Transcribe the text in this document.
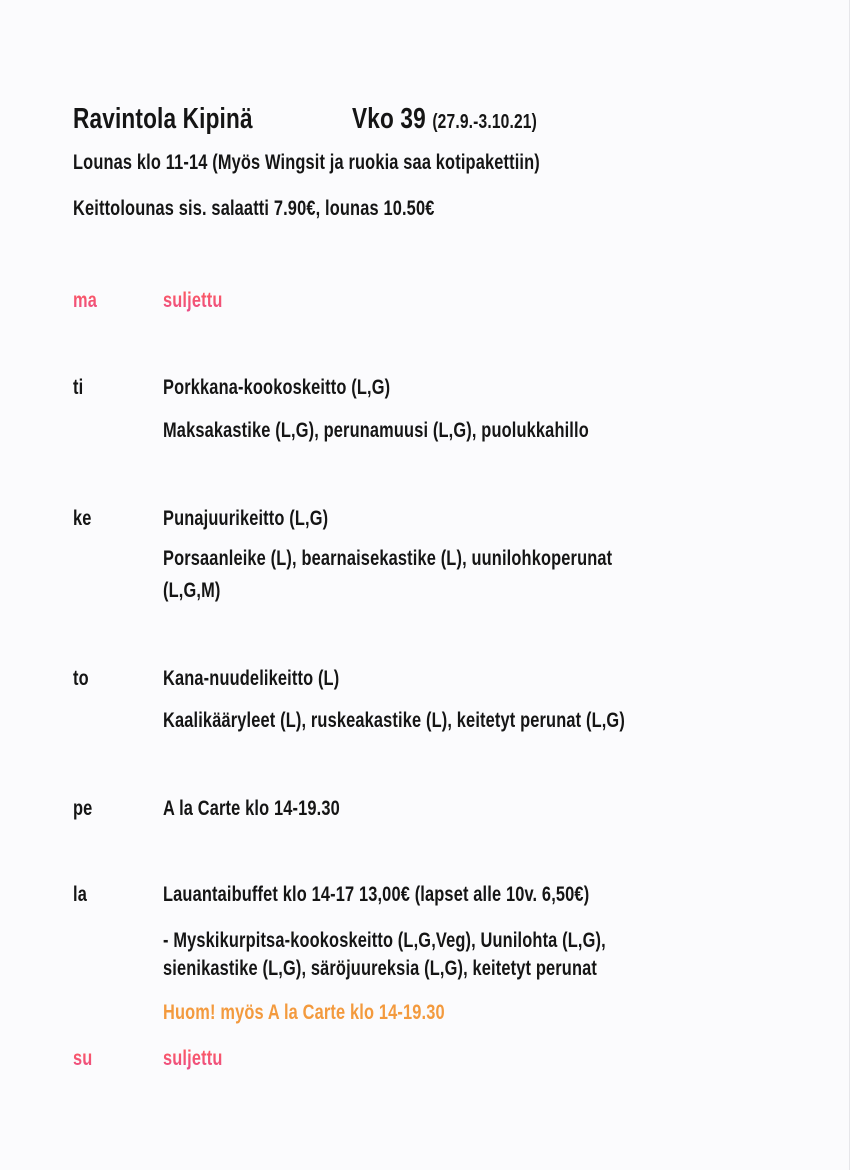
Ravintola Kipinä	Vko 39 (27.9.-3.10.21)
Lounas klo 11-14 (Myös Wingsit ja ruokia saa kotipakettiin)
Keittolounas sis. salaatti 7.90€, lounas 10.50€
ma	suljettu
ti	Porkkana-kookoskeitto (L,G)
Maksakastike (L,G), perunamuusi (L,G), puolukkahillo
ke	Punajuurikeitto (L,G)
Porsaanleike (L), bearnaisekastike (L), uunilohkoperunat
(L,G,M)
to	Kana-nuudelikeitto (L)
Kaalikääryleet (L), ruskeakastike (L), keitetyt perunat (L,G)
pe	A la Carte klo 14-19.30
la	Lauantaibuffet klo 14-17 13,00€ (lapset alle 10v. 6,50€)
- Myskikurpitsa-kookoskeitto (L,G,Veg), Uunilohta (L,G),
sienikastike (L,G), säröjuureksia (L,G), keitetyt perunat
Huom! myös A la Carte klo 14-19.30
su	suljettu
